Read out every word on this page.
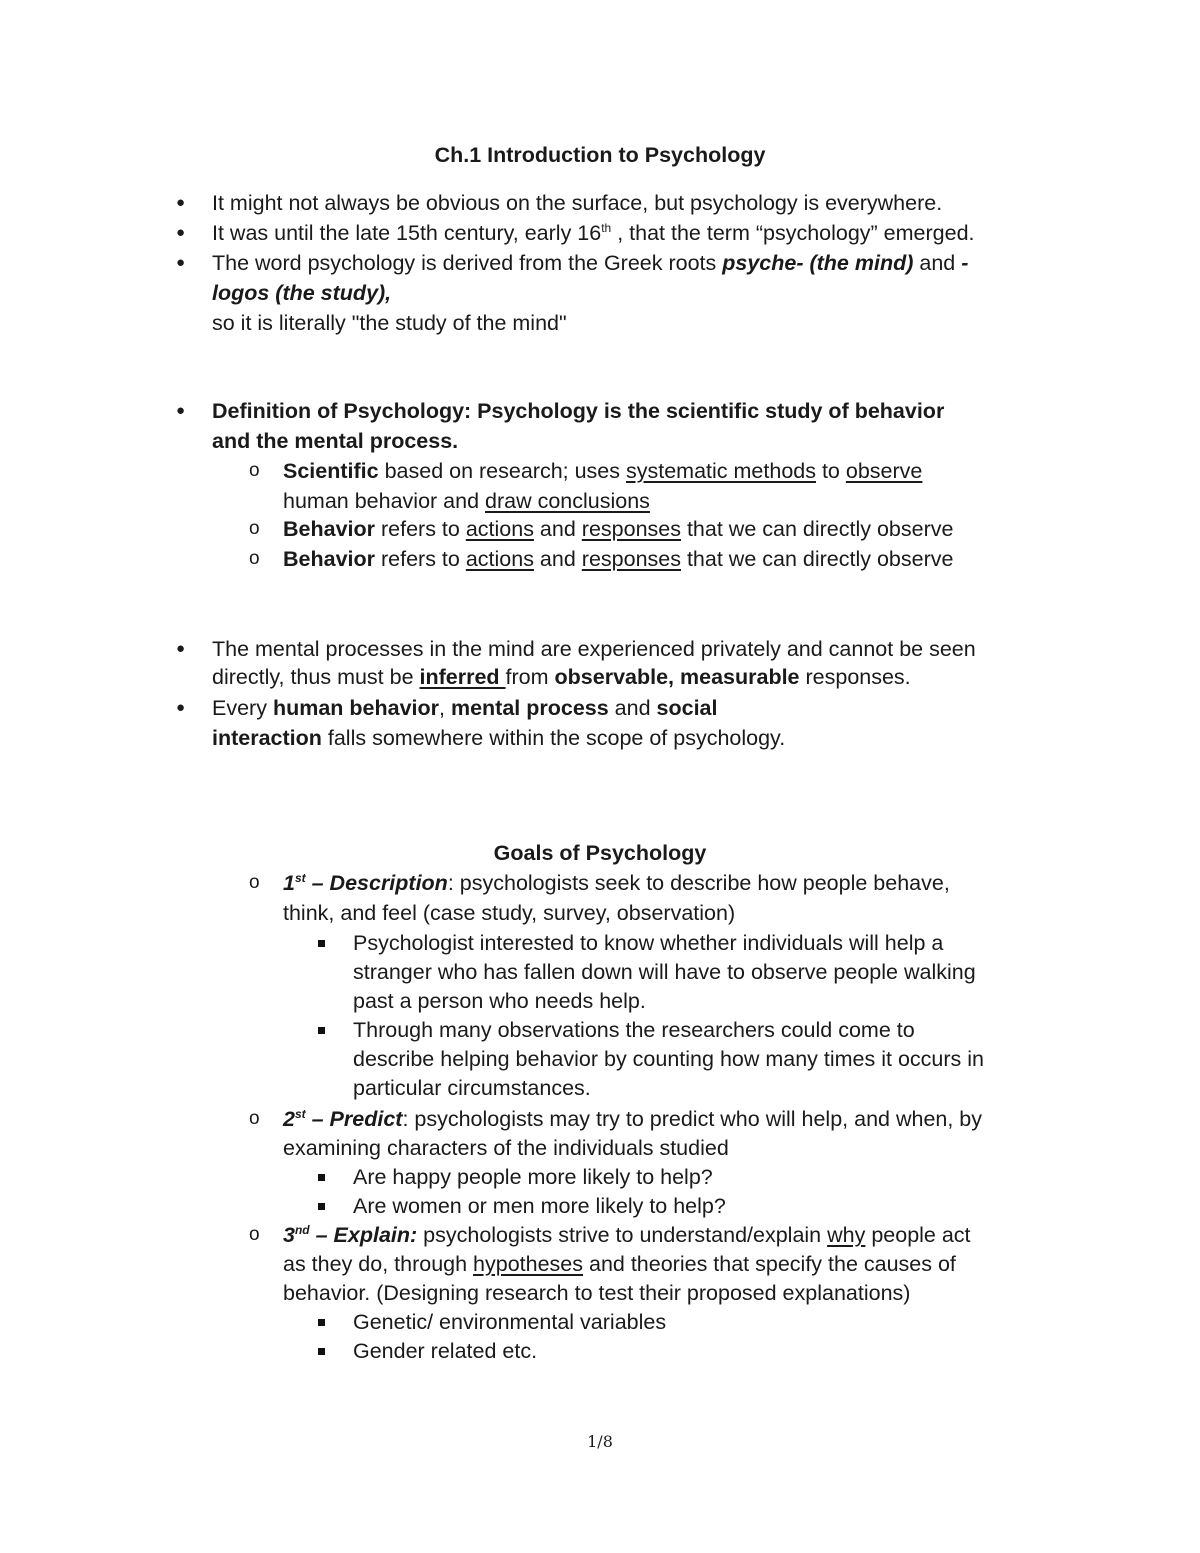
Ch.1 Introduction to Psychology
● It might not always be obvious on the surface, but psychology is everywhere.
● It was until the late 15th century, early 16th , that the term “psychology” emerged.
● The word psychology is derived from the Greek roots psyche- (the mind) and -
logos (the study),
so it is literally "the study of the mind"
● Definition of Psychology: Psychology is the scientific study of behavior
and the mental process.
o Scientific based on research; uses systematic methods to observe
human behavior and draw conclusions
o Behavior refers to actions and responses that we can directly observe
o Behavior refers to actions and responses that we can directly observe
● The mental processes in the mind are experienced privately and cannot be seen
directly, thus must be inferred from observable, measurable responses.
● Every human behavior, mental process and social
interaction falls somewhere within the scope of psychology.
Goals of Psychology
o 1st – Description: psychologists seek to describe how people behave,
think, and feel (case study, survey, observation)
Psychologist interested to know whether individuals will help a
stranger who has fallen down will have to observe people walking
past a person who needs help.
Through many observations the researchers could come to
describe helping behavior by counting how many times it occurs in
particular circumstances.
o 2st – Predict: psychologists may try to predict who will help, and when, by
examining characters of the individuals studied
Are happy people more likely to help?
Are women or men more likely to help?
o 3nd – Explain: psychologists strive to understand/explain why people act
as they do, through hypotheses and theories that specify the causes of
behavior. (Designing research to test their proposed explanations)
Genetic/ environmental variables
Gender related etc.
1/8
